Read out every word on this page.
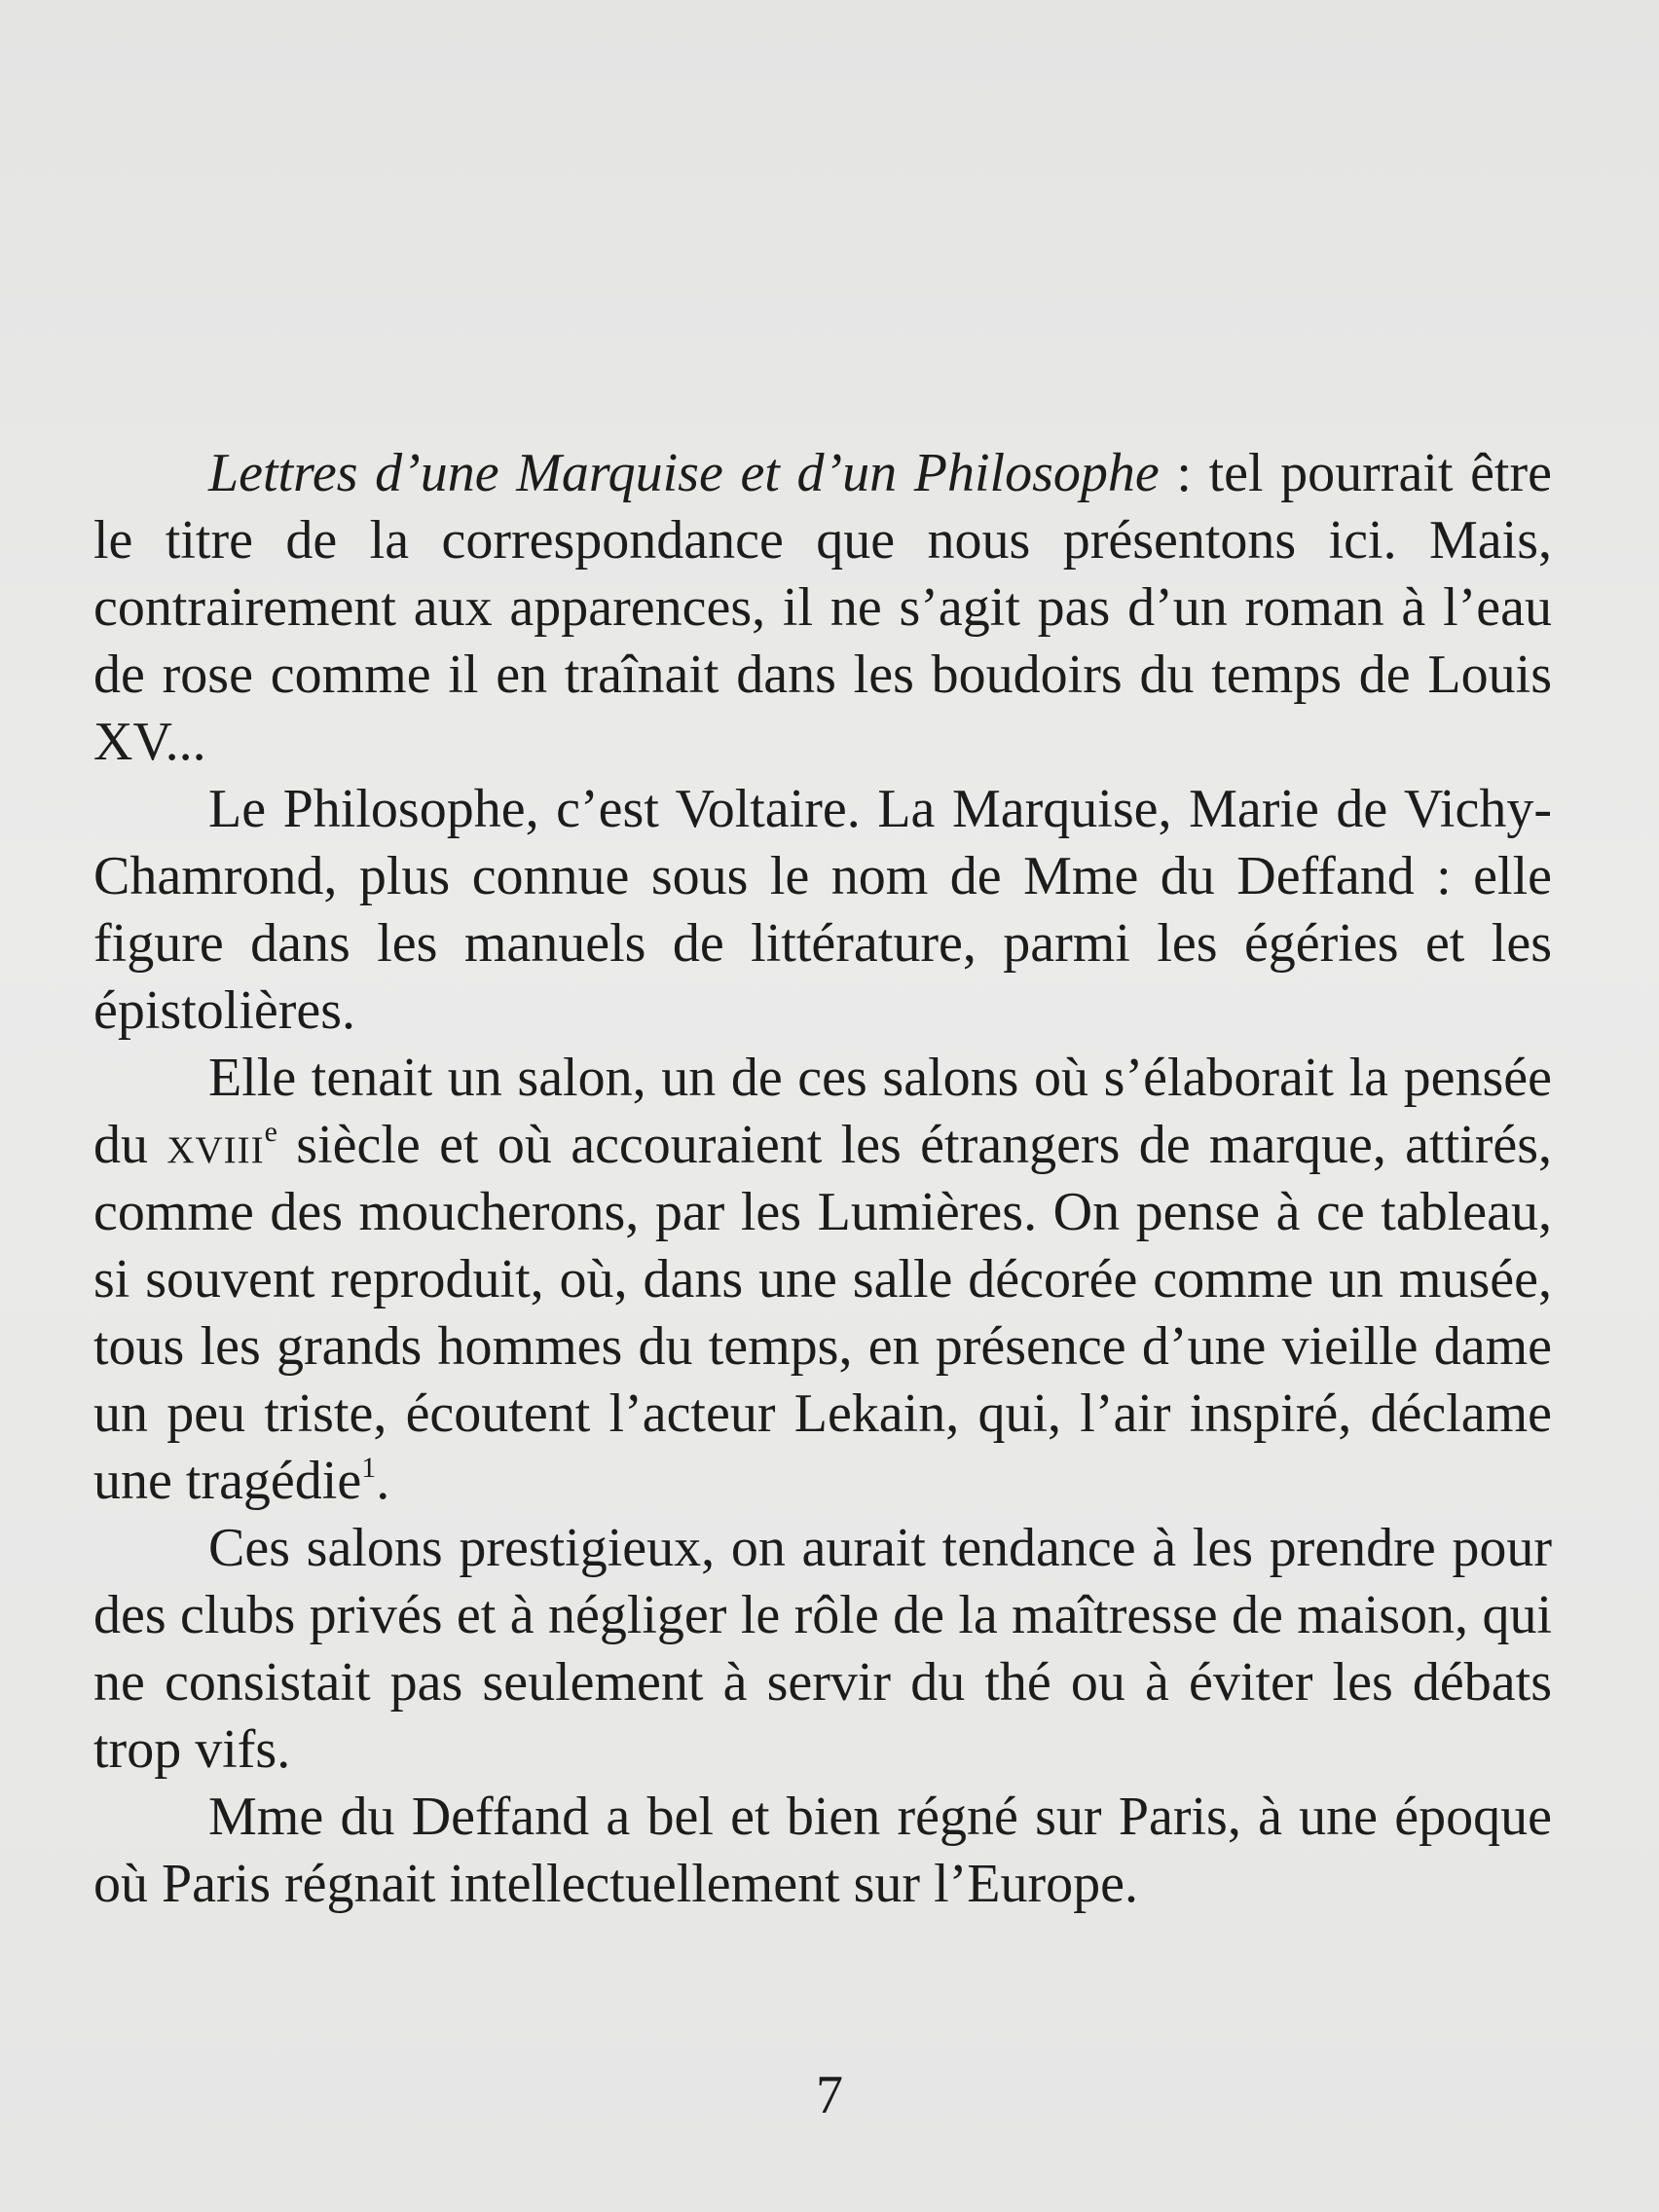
Lettres d’une Marquise et d’un Philosophe : tel pourrait être le titre de la correspondance que nous présentons ici. Mais, contrairement aux apparences, il ne s’agit pas d’un roman à l’eau de rose comme il en traînait dans les boudoirs du temps de Louis XV...

Le Philosophe, c’est Voltaire. La Marquise, Marie de Vichy-Chamrond, plus connue sous le nom de Mme du Deffand : elle figure dans les manuels de littérature, parmi les égéries et les épistolières.

Elle tenait un salon, un de ces salons où s’élaborait la pensée du xviii$^e$ siècle et où accouraient les étrangers de marque, attirés, comme des moucherons, par les Lumières. On pense à ce tableau, si souvent reproduit, où, dans une salle décorée comme un musée, tous les grands hommes du temps, en présence d’une vieille dame un peu triste, écoutent l’acteur Lekain, qui, l’air inspiré, déclame une tragédie$^1$.

Ces salons prestigieux, on aurait tendance à les prendre pour des clubs privés et à négliger le rôle de la maîtresse de maison, qui ne consistait pas seulement à servir du thé ou à éviter les débats trop vifs.

Mme du Deffand a bel et bien régné sur Paris, à une époque où Paris régnait intellectuellement sur l’Europe.

7
